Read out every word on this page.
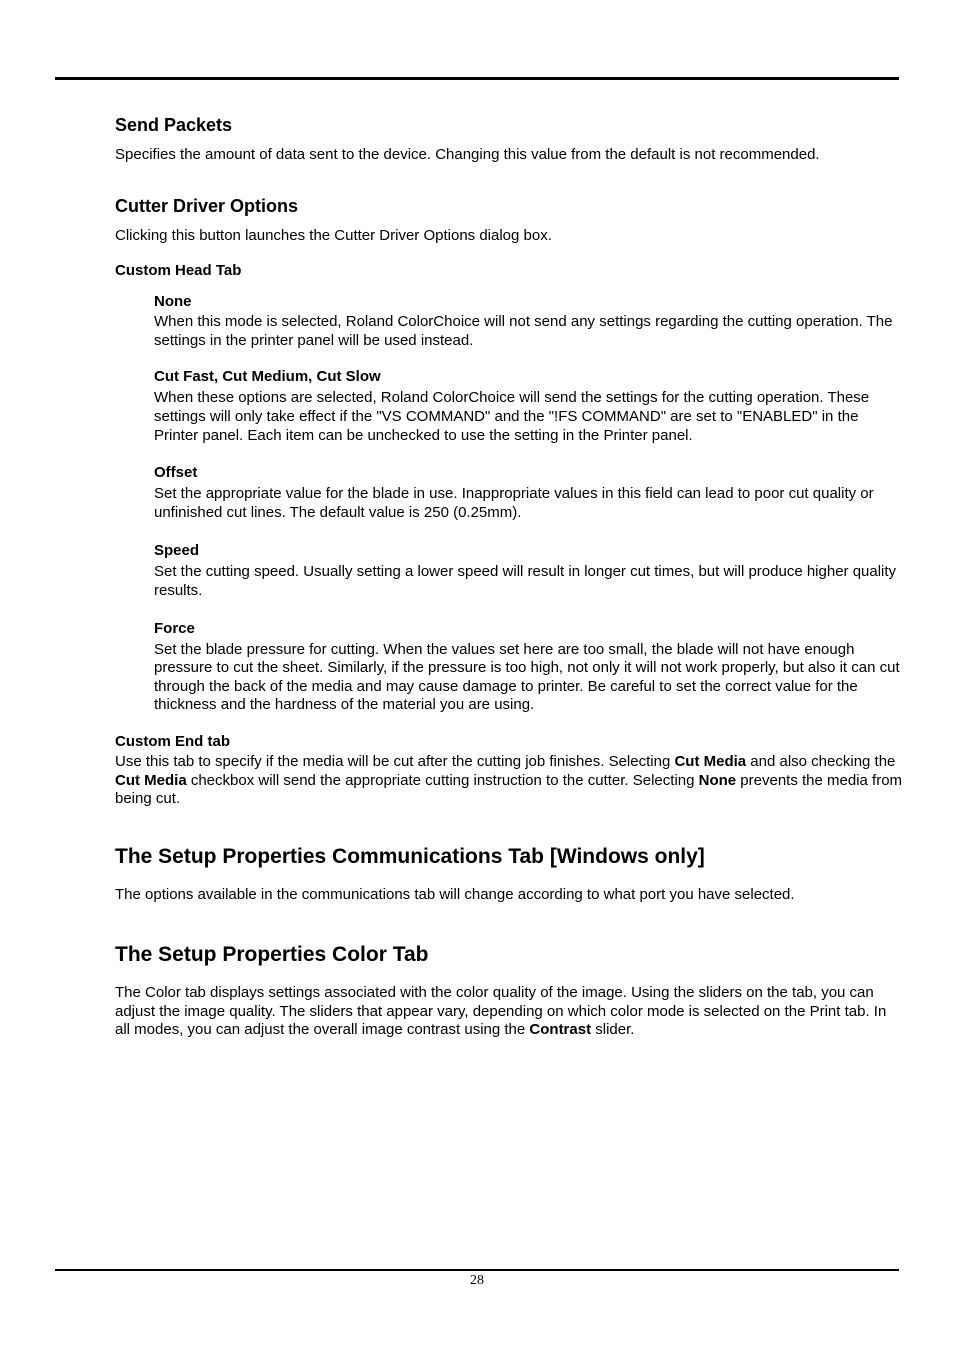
Send Packets
Specifies the amount of data sent to the device. Changing this value from the default is not recommended.
Cutter Driver Options
Clicking this button launches the Cutter Driver Options dialog box.
Custom Head Tab
None
When this mode is selected, Roland ColorChoice will not send any settings regarding the cutting operation. The settings in the printer panel will be used instead.
Cut Fast, Cut Medium, Cut Slow
When these options are selected, Roland ColorChoice will send the settings for the cutting operation. These settings will only take effect if the "VS COMMAND" and the "!FS COMMAND" are set to "ENABLED" in the Printer panel. Each item can be unchecked to use the setting in the Printer panel.
Offset
Set the appropriate value for the blade in use. Inappropriate values in this field can lead to poor cut quality or unfinished cut lines. The default value is 250 (0.25mm).
Speed
Set the cutting speed. Usually setting a lower speed will result in longer cut times, but will produce higher quality results.
Force
Set the blade pressure for cutting. When the values set here are too small, the blade will not have enough pressure to cut the sheet. Similarly, if the pressure is too high, not only it will not work properly, but also it can cut through the back of the media and may cause damage to printer. Be careful to set the correct value for the thickness and the hardness of the material you are using.
Custom End tab
Use this tab to specify if the media will be cut after the cutting job finishes. Selecting Cut Media and also checking the Cut Media checkbox will send the appropriate cutting instruction to the cutter. Selecting None prevents the media from being cut.
The Setup Properties Communications Tab [Windows only]
The options available in the communications tab will change according to what port you have selected.
The Setup Properties Color Tab
The Color tab displays settings associated with the color quality of the image. Using the sliders on the tab, you can adjust the image quality. The sliders that appear vary, depending on which color mode is selected on the Print tab. In all modes, you can adjust the overall image contrast using the Contrast slider.
28
